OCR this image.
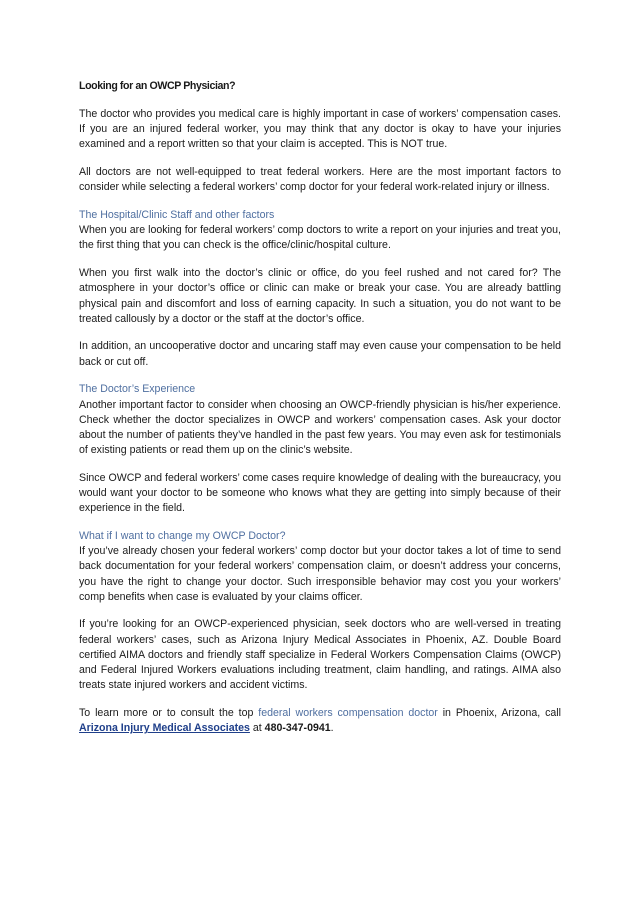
Looking for an OWCP Physician?

The doctor who provides you medical care is highly important in case of workers’ compensation cases. If you are an injured federal worker, you may think that any doctor is okay to have your injuries examined and a report written so that your claim is accepted. This is NOT true.

All doctors are not well-equipped to treat federal workers. Here are the most important factors to consider while selecting a federal workers’ comp doctor for your federal work-related injury or illness.

The Hospital/Clinic Staff and other factors

When you are looking for federal workers’ comp doctors to write a report on your injuries and treat you, the first thing that you can check is the office/clinic/hospital culture.

When you first walk into the doctor’s clinic or office, do you feel rushed and not cared for? The atmosphere in your doctor’s office or clinic can make or break your case. You are already battling physical pain and discomfort and loss of earning capacity. In such a situation, you do not want to be treated callously by a doctor or the staff at the doctor’s office.

In addition, an uncooperative doctor and uncaring staff may even cause your compensation to be held back or cut off.

The Doctor’s Experience

Another important factor to consider when choosing an OWCP-friendly physician is his/her experience. Check whether the doctor specializes in OWCP and workers’ compensation cases. Ask your doctor about the number of patients they’ve handled in the past few years. You may even ask for testimonials of existing patients or read them up on the clinic’s website.

Since OWCP and federal workers’ come cases require knowledge of dealing with the bureaucracy, you would want your doctor to be someone who knows what they are getting into simply because of their experience in the field.

What if I want to change my OWCP Doctor?

If you’ve already chosen your federal workers’ comp doctor but your doctor takes a lot of time to send back documentation for your federal workers’ compensation claim, or doesn’t address your concerns, you have the right to change your doctor. Such irresponsible behavior may cost you your workers’ comp benefits when case is evaluated by your claims officer.

If you’re looking for an OWCP-experienced physician, seek doctors who are well-versed in treating federal workers’ cases, such as Arizona Injury Medical Associates in Phoenix, AZ. Double Board certified AIMA doctors and friendly staff specialize in Federal Workers Compensation Claims (OWCP) and Federal Injured Workers evaluations including treatment, claim handling, and ratings. AIMA also treats state injured workers and accident victims.

To learn more or to consult the top federal workers compensation doctor in Phoenix, Arizona, call Arizona Injury Medical Associates at 480-347-0941.
